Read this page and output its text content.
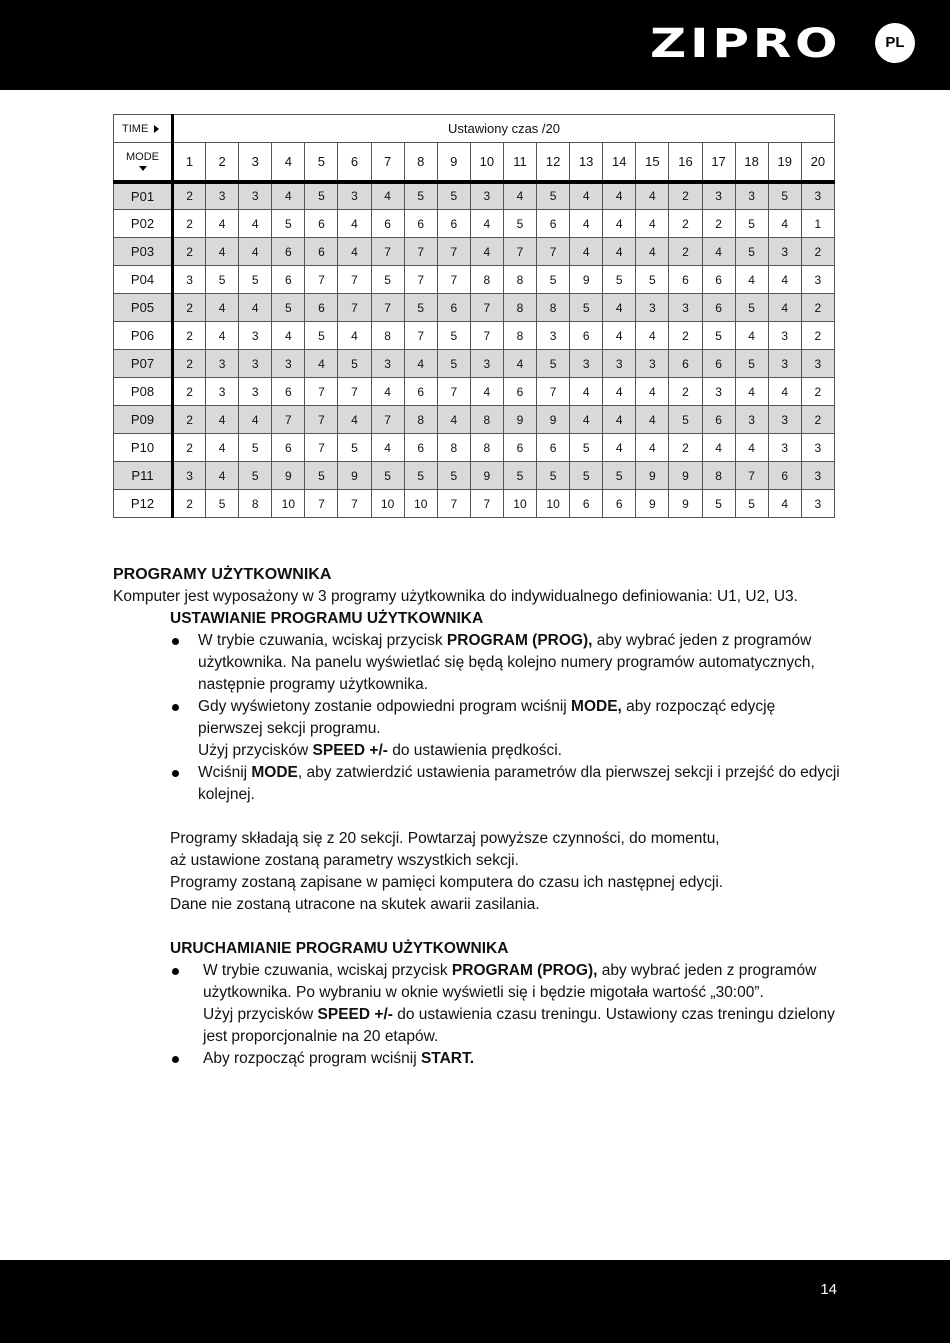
ZIPRO	PL
TIME	Ustawiony czas /20																			
MODE	1	2	3	4	5	6	7	8	9	10	11	12	13	14	15	16	17	18	19	20
P01	2	3	3	4	5	3	4	5	5	3	4	5	4	4	4	2	3	3	5	3
P02	2	4	4	5	6	4	6	6	6	4	5	6	4	4	4	2	2	5	4	1
P03	2	4	4	6	6	4	7	7	7	4	7	7	4	4	4	2	4	5	3	2
P04	3	5	5	6	7	7	5	7	7	8	8	5	9	5	5	6	6	4	4	3
P05	2	4	4	5	6	7	7	5	6	7	8	8	5	4	3	3	6	5	4	2
P06	2	4	3	4	5	4	8	7	5	7	8	3	6	4	4	2	5	4	3	2
P07	2	3	3	3	4	5	3	4	5	3	4	5	3	3	3	6	6	5	3	3
P08	2	3	3	6	7	7	4	6	7	4	6	7	4	4	4	2	3	4	4	2
P09	2	4	4	7	7	4	7	8	4	8	9	9	4	4	4	5	6	3	3	2
P10	2	4	5	6	7	5	4	6	8	8	6	6	5	4	4	2	4	4	3	3
P11	3	4	5	9	5	9	5	5	5	9	5	5	5	5	9	9	8	7	6	3
P12	2	5	8	10	7	7	10	10	7	7	10	10	6	6	9	9	5	5	4	3
PROGRAMY UŻYTKOWNIKA
Komputer jest wyposażony w 3 programy użytkownika do indywidualnego definiowania: U1, U2, U3.
USTAWIANIE PROGRAMU UŻYTKOWNIKA
W trybie czuwania, wciskaj przycisk PROGRAM (PROG), aby wybrać jeden z programów użytkownika. Na panelu wyświetlać się będą kolejno numery programów automatycznych, następnie programy użytkownika.
Gdy wyświetony zostanie odpowiedni program wciśnij MODE, aby rozpocząć edycję pierwszej sekcji programu.
Użyj przycisków SPEED +/- do ustawienia prędkości.
Wciśnij MODE, aby zatwierdzić ustawienia parametrów dla pierwszej sekcji i przejść do edycji kolejnej.
Programy składają się z 20 sekcji. Powtarzaj powyższe czynności, do momentu,
aż ustawione zostaną parametry wszystkich sekcji.
Programy zostaną zapisane w pamięci komputera do czasu ich następnej edycji.
Dane nie zostaną utracone na skutek awarii zasilania.
URUCHAMIANIE PROGRAMU UŻYTKOWNIKA
W trybie czuwania, wciskaj przycisk PROGRAM (PROG), aby wybrać jeden z programów użytkownika. Po wybraniu w oknie wyświetli się i będzie migotała wartość „30:00”.
Użyj przycisków SPEED +/- do ustawienia czasu treningu. Ustawiony czas treningu dzielony jest proporcjonalnie na 20 etapów.
Aby rozpocząć program wciśnij START.
14
